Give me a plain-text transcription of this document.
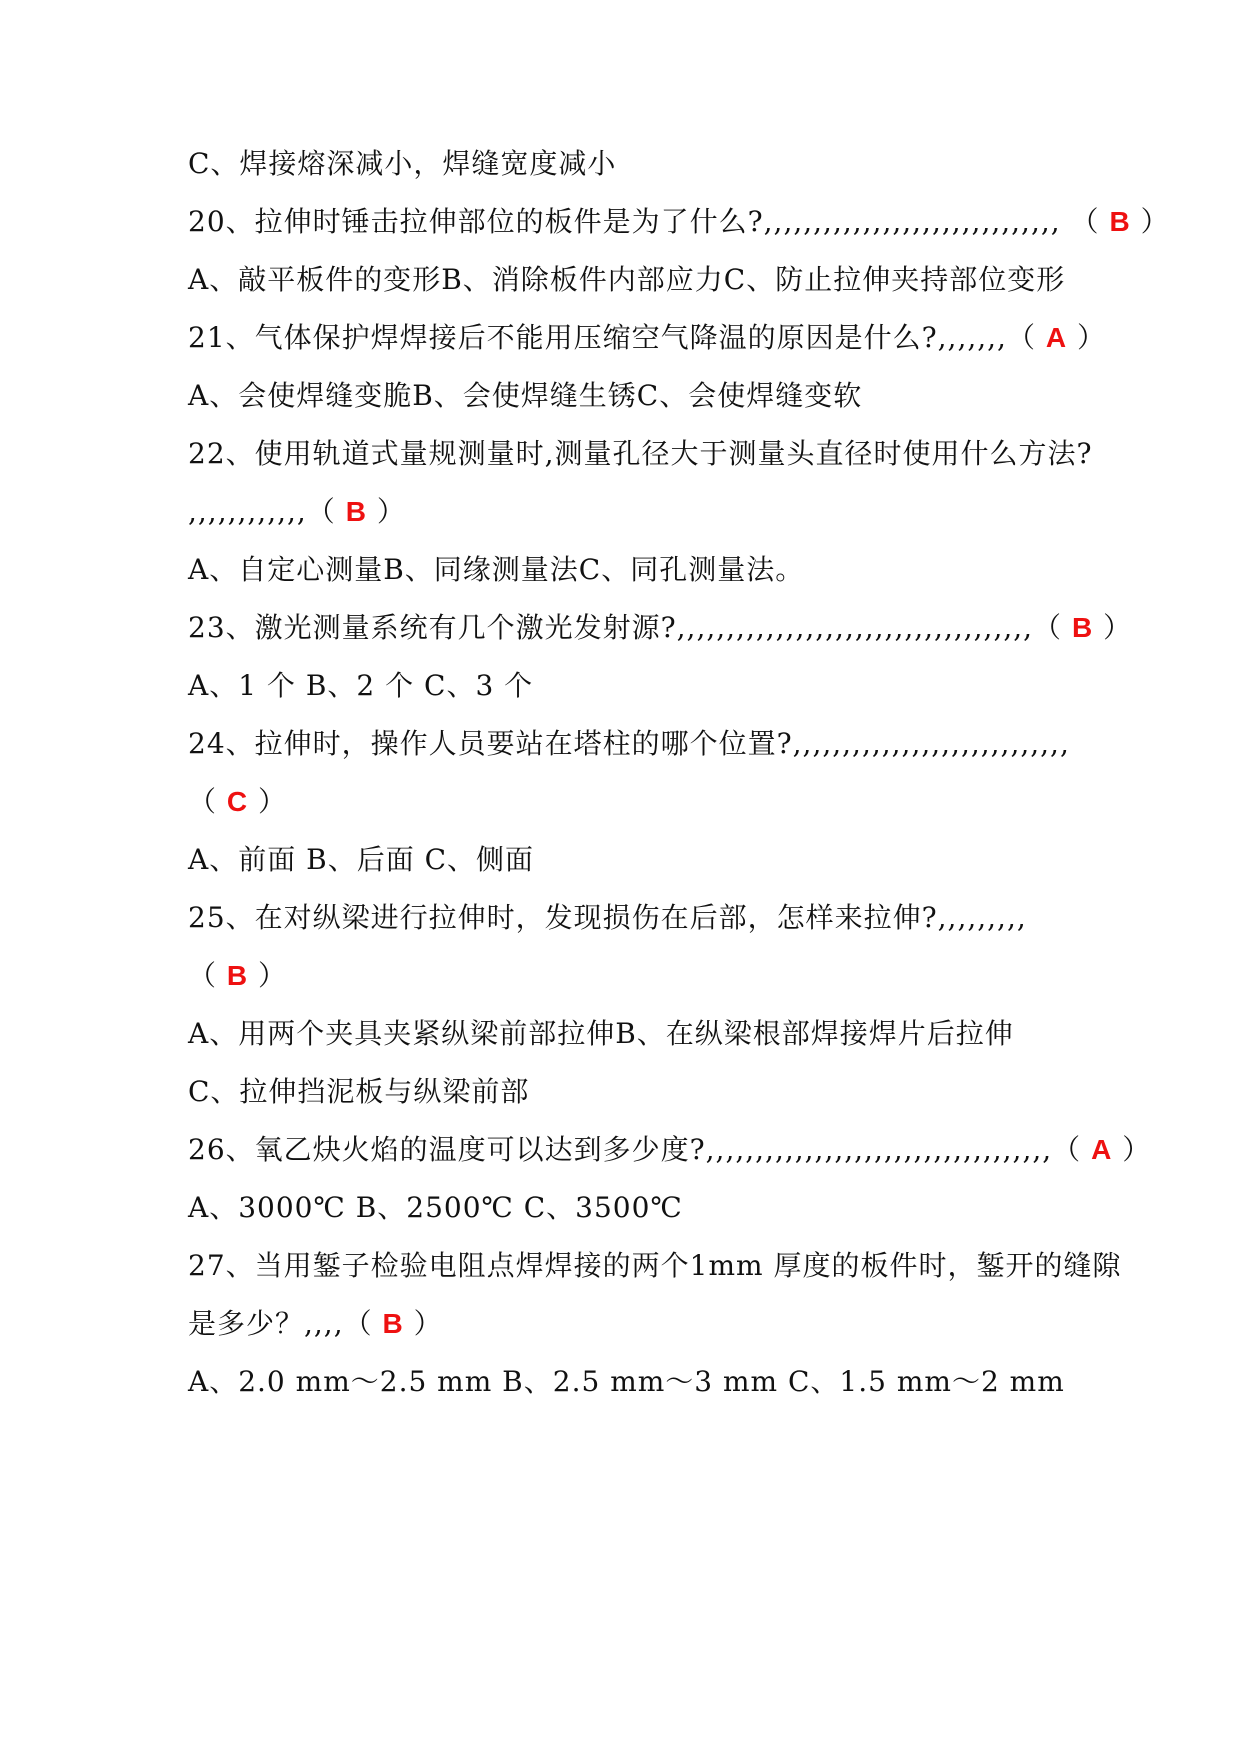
C、焊接熔深减小，焊缝宽度减小
20、拉伸时锤击拉伸部位的板件是为了什么?,,,,,,,,,,,,,,,,,,,,,,,,,,,,,, （ B ）
A、敲平板件的变形B、消除板件内部应力C、防止拉伸夹持部位变形
21、气体保护焊焊接后不能用压缩空气降温的原因是什么?,,,,,,,（ A ）
A、会使焊缝变脆B、会使焊缝生锈C、会使焊缝变软
22、使用轨道式量规测量时,测量孔径大于测量头直径时使用什么方法?
,,,,,,,,,,,,（ B ）
A、自定心测量B、同缘测量法C、同孔测量法。
23、激光测量系统有几个激光发射源?,,,,,,,,,,,,,,,,,,,,,,,,,,,,,,,,,,,,（ B ）
A、1 个 B、2 个 C、3 个
24、拉伸时，操作人员要站在塔柱的哪个位置?,,,,,,,,,,,,,,,,,,,,,,,,,,,,
（ C ）
A、前面 B、后面 C、侧面
25、在对纵梁进行拉伸时，发现损伤在后部，怎样来拉伸?,,,,,,,,,
（ B ）
A、用两个夹具夹紧纵梁前部拉伸B、在纵梁根部焊接焊片后拉伸
C、拉伸挡泥板与纵梁前部
26、氧乙炔火焰的温度可以达到多少度?,,,,,,,,,,,,,,,,,,,,,,,,,,,,,,,,,,,（ A ）
A、3000℃ B、2500℃ C、3500℃
27、当用錾子检验电阻点焊焊接的两个1mm 厚度的板件时，錾开的缝隙
是多少？,,,,（ B ）
A、2.0 mm～2.5 mm B、2.5 mm～3 mm C、1.5 mm～2 mm
